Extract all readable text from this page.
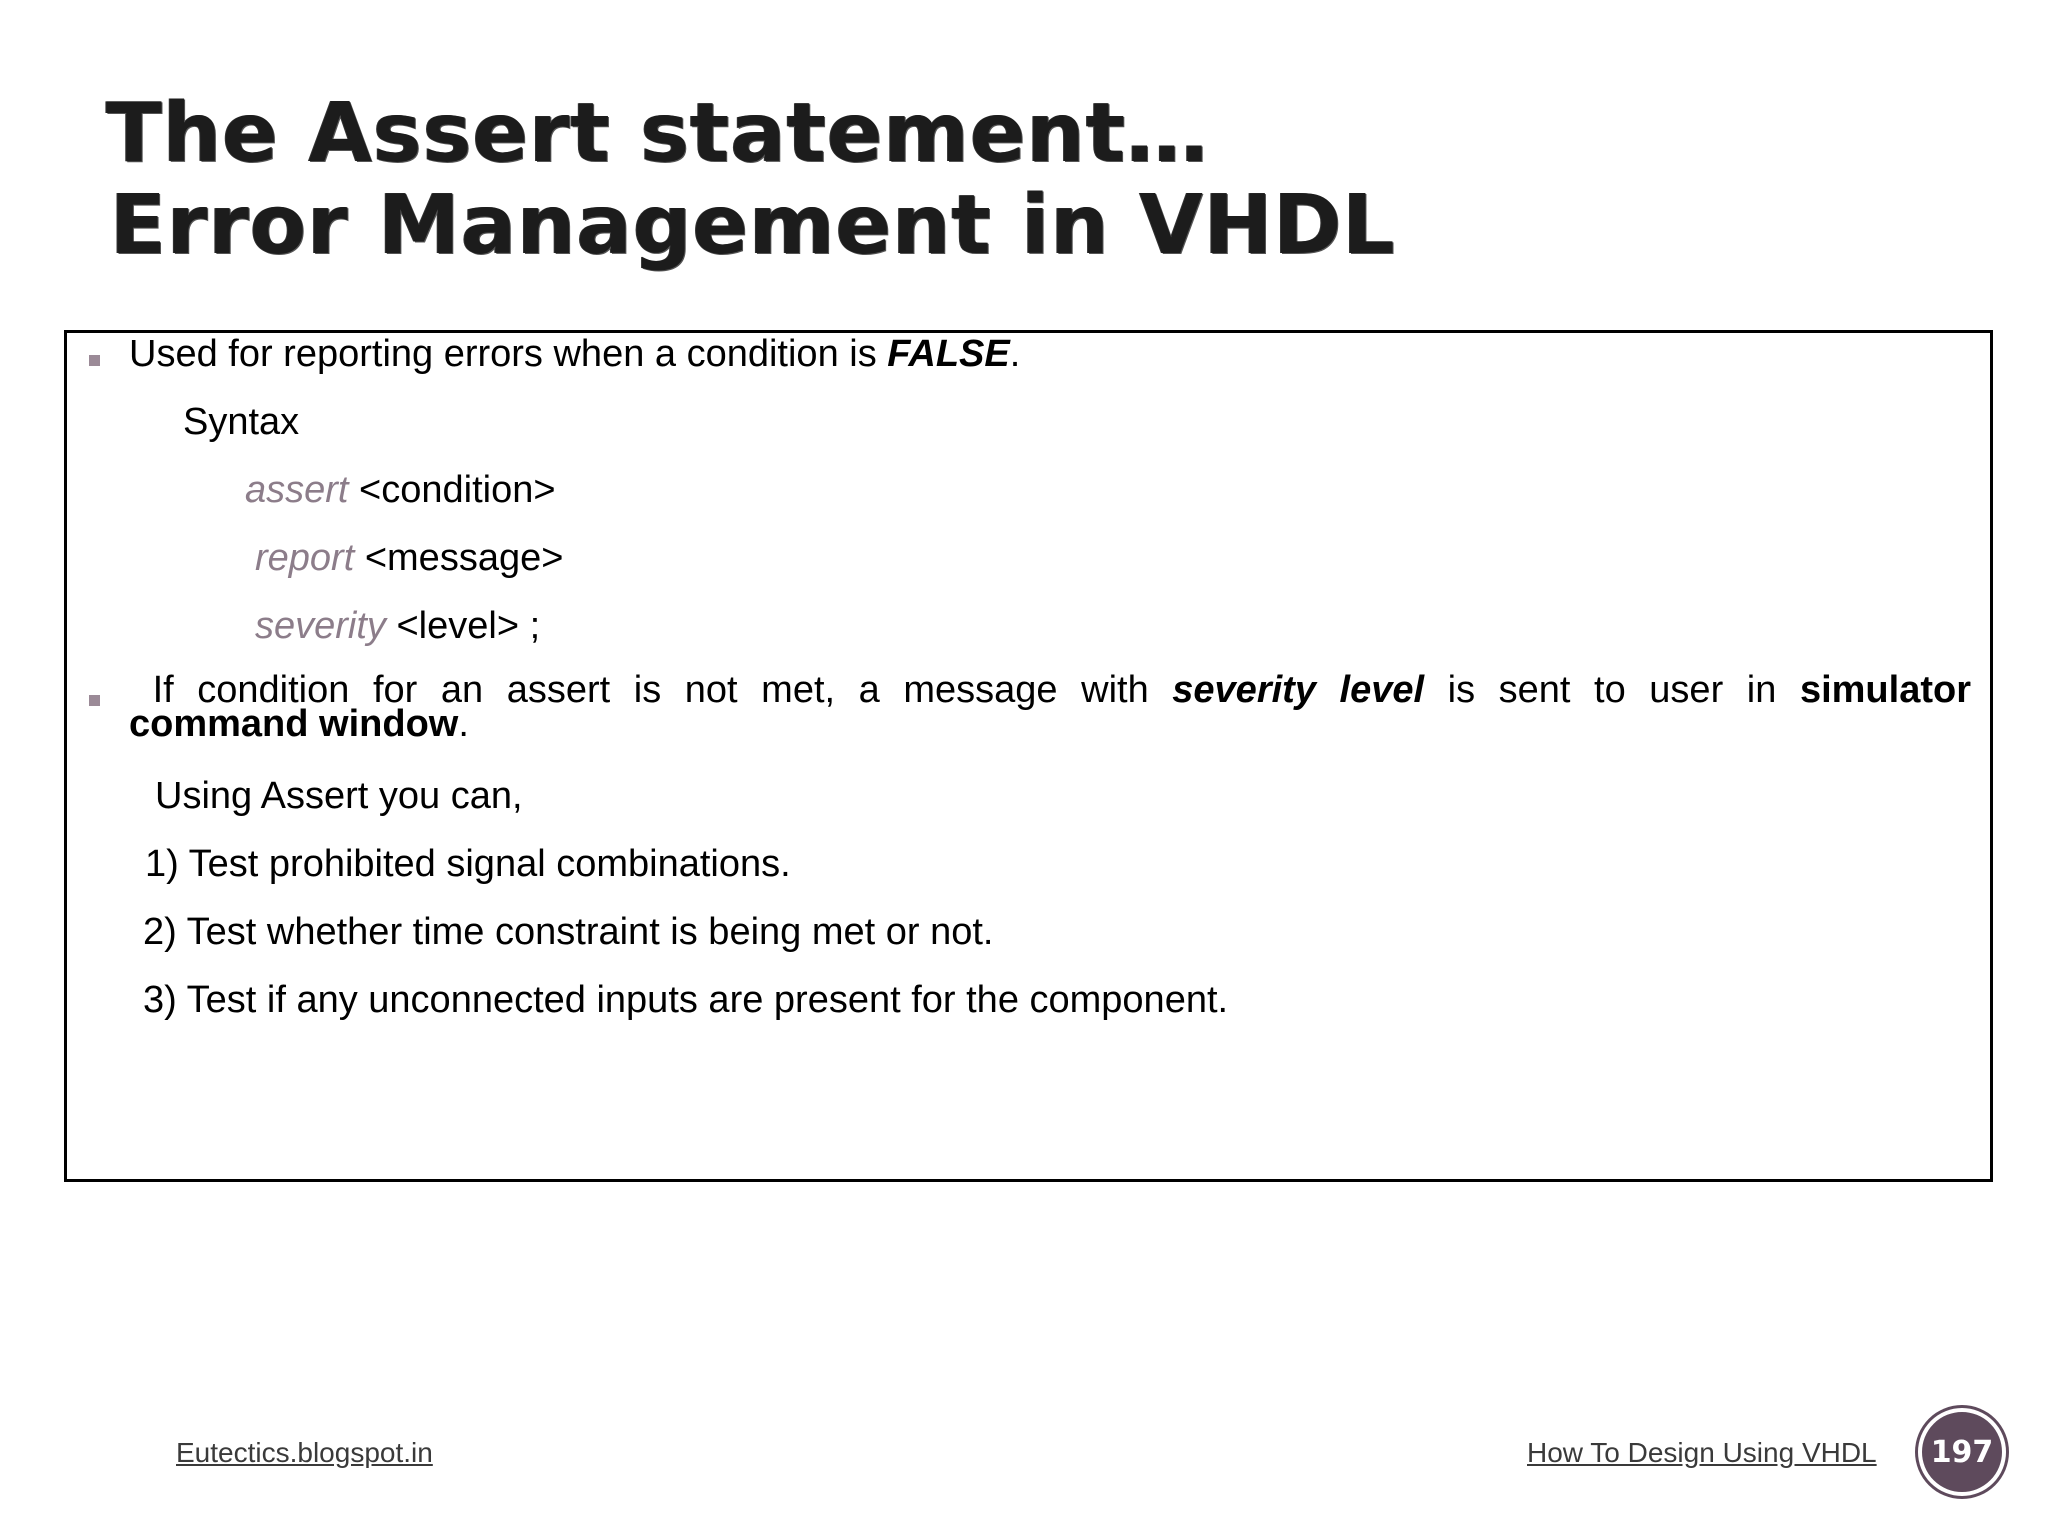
The Assert statement…
Error Management in VHDL
Used for reporting errors when a condition is FALSE.
Syntax
assert <condition>
report <message>
severity <level> ;
If condition for an assert is not met, a message with severity level is sent to user in simulator
command window.
Using Assert you can,
1) Test prohibited signal combinations.
2) Test whether time constraint is being met or not.
3) Test if any unconnected inputs are present for the component.
Eutectics.blogspot.in	How To Design Using VHDL 197
